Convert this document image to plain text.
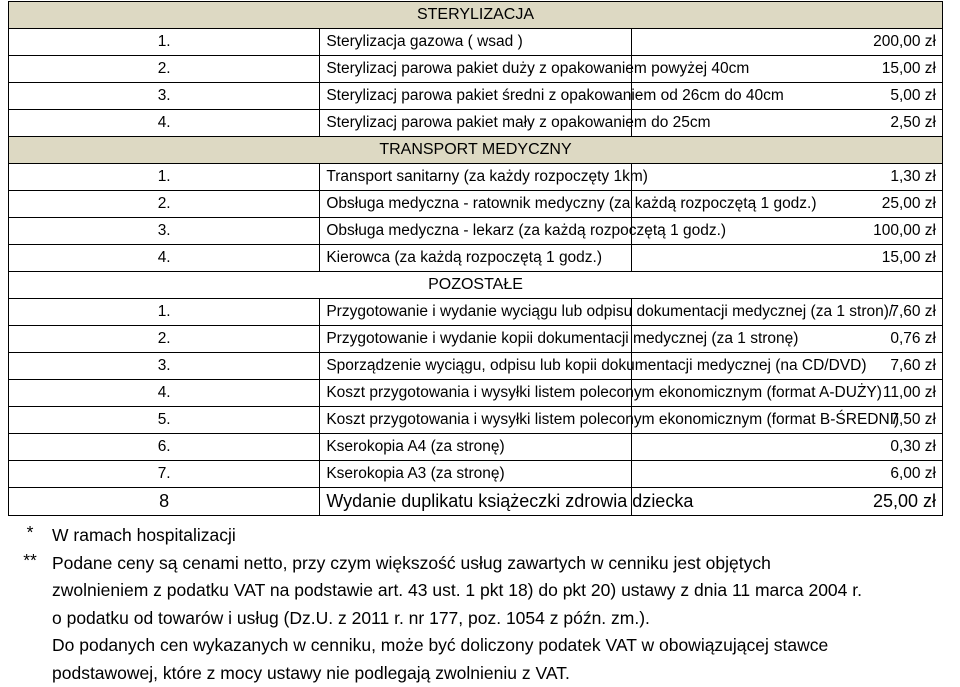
STERYLIZACJA		
1.	Sterylizacja gazowa ( wsad )	200,00 zł
2.	Sterylizacj parowa pakiet duży z opakowaniem powyżej 40cm	15,00 zł
3.	Sterylizacj parowa pakiet średni z opakowaniem od 26cm do 40cm	5,00 zł
4.	Sterylizacj parowa pakiet mały z opakowaniem do 25cm	2,50 zł
TRANSPORT MEDYCZNY		
1.	Transport sanitarny (za każdy rozpoczęty 1km)	1,30 zł
2.	Obsługa medyczna - ratownik medyczny (za każdą rozpoczętą 1 godz.)	25,00 zł
3.	Obsługa medyczna - lekarz (za każdą rozpoczętą 1 godz.)	100,00 zł
4.	Kierowca (za każdą rozpoczętą 1 godz.)	15,00 zł
POZOSTAŁE		
1.	Przygotowanie i wydanie wyciągu lub odpisu dokumentacji medycznej (za 1 stron)/	7,60 zł
2.	Przygotowanie i wydanie kopii dokumentacji medycznej (za 1 stronę)	0,76 zł
3.	Sporządzenie wyciągu, odpisu lub kopii dokumentacji medycznej (na CD/DVD)	7,60 zł
4.	Koszt przygotowania i wysyłki listem poleconym ekonomicznym (format A-DUŻY)	11,00 zł
5.	Koszt przygotowania i wysyłki listem poleconym ekonomicznym (format B-ŚREDNI)	7,50 zł
6.	Kserokopia A4 (za stronę)	0,30 zł
7.	Kserokopia A3 (za stronę)	6,00 zł
8	Wydanie duplikatu książeczki zdrowia dziecka	25,00 zł
*	W ramach hospitalizacji
** Podane ceny są cenami netto, przy czym większość usług zawartych w cenniku jest objętych
zwolnieniem z podatku VAT na podstawie art. 43 ust. 1 pkt 18) do pkt 20) ustawy z dnia 11 marca 2004 r.
o podatku od towarów i usług (Dz.U. z 2011 r. nr 177, poz. 1054 z późn. zm.).
Do podanych cen wykazanych w cenniku, może być doliczony podatek VAT w obowiązującej stawce
podstawowej, które z mocy ustawy nie podlegają zwolnieniu z VAT.
